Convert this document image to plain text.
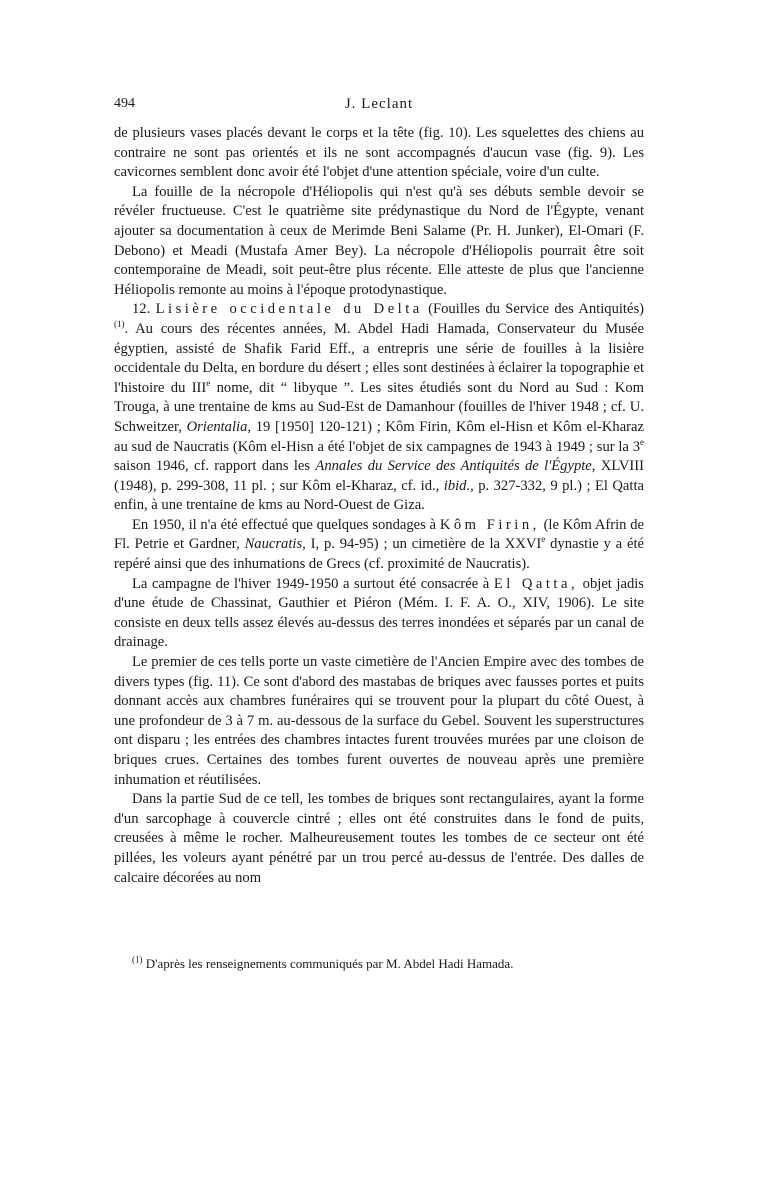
494	J. Leclant

de plusieurs vases placés devant le corps et la tête (fig. 10). Les squelettes des chiens au contraire ne sont pas orientés et ils ne sont accompagnés d'aucun vase (fig. 9). Les cavicornes semblent donc avoir été l'objet d'une attention spéciale, voire d'un culte.

La fouille de la nécropole d'Héliopolis qui n'est qu'à ses débuts semble devoir se révéler fructueuse. C'est le quatrième site prédynastique du Nord de l'Égypte, venant ajouter sa documentation à ceux de Merimde Beni Salame (Pr. H. Junker), El-Omari (F. Debono) et Meadi (Mustafa Amer Bey). La nécropole d'Héliopolis pourrait être soit contemporaine de Meadi, soit peut-être plus récente. Elle atteste de plus que l'ancienne Héliopolis remonte au moins à l'époque protodynastique.

12. Lisière occidentale du Delta (Fouilles du Service des Antiquités) $^{(1)}$. Au cours des récentes années, M. Abdel Hadi Hamada, Conservateur du Musée égyptien, assisté de Shafik Farid Eff., a entrepris une série de fouilles à la lisière occidentale du Delta, en bordure du désert ; elles sont destinées à éclairer la topographie et l'histoire du IIIe nome, dit “ libyque ”. Les sites étudiés sont du Nord au Sud : Kom Trouga, à une trentaine de kms au Sud-Est de Damanhour (fouilles de l'hiver 1948 ; cf. U. Schweitzer, Orientalia, 19 [1950] 120-121) ; Kôm Firin, Kôm el-Hisn et Kôm el-Kharaz au sud de Naucratis (Kôm el-Hisn a été l'objet de six campagnes de 1943 à 1949 ; sur la 3e saison 1946, cf. rapport dans les Annales du Service des Antiquités de l'Égypte, XLVIII (1948), p. 299-308, 11 pl. ; sur Kôm el-Kharaz, cf. id., ibid., p. 327-332, 9 pl.) ; El Qatta enfin, à une trentaine de kms au Nord-Ouest de Giza.

En 1950, il n'a été effectué que quelques sondages à Kôm Firin, (le Kôm Afrin de Fl. Petrie et Gardner, Naucratis, I, p. 94-95) ; un cimetière de la XXVIe dynastie y a été repéré ainsi que des inhumations de Grecs (cf. proximité de Naucratis).

La campagne de l'hiver 1949-1950 a surtout été consacrée à El Qatta, objet jadis d'une étude de Chassinat, Gauthier et Piéron (Mém. I. F. A. O., XIV, 1906). Le site consiste en deux tells assez élevés au-dessus des terres inondées et séparés par un canal de drainage.

Le premier de ces tells porte un vaste cimetière de l'Ancien Empire avec des tombes de divers types (fig. 11). Ce sont d'abord des mastabas de briques avec fausses portes et puits donnant accès aux chambres funéraires qui se trouvent pour la plupart du côté Ouest, à une profondeur de 3 à 7 m. au-dessous de la surface du Gebel. Souvent les superstructures ont disparu ; les entrées des chambres intactes furent trouvées murées par une cloison de briques crues. Certaines des tombes furent ouvertes de nouveau après une première inhumation et réutilisées.

Dans la partie Sud de ce tell, les tombes de briques sont rectangulaires, ayant la forme d'un sarcophage à couvercle cintré ; elles ont été construites dans le fond de puits, creusées à même le rocher. Malheureusement toutes les tombes de ce secteur ont été pillées, les voleurs ayant pénétré par un trou percé au-dessus de l'entrée. Des dalles de calcaire décorées au nom

$^{(1)}$ D'après les renseignements communiqués par M. Abdel Hadi Hamada.
